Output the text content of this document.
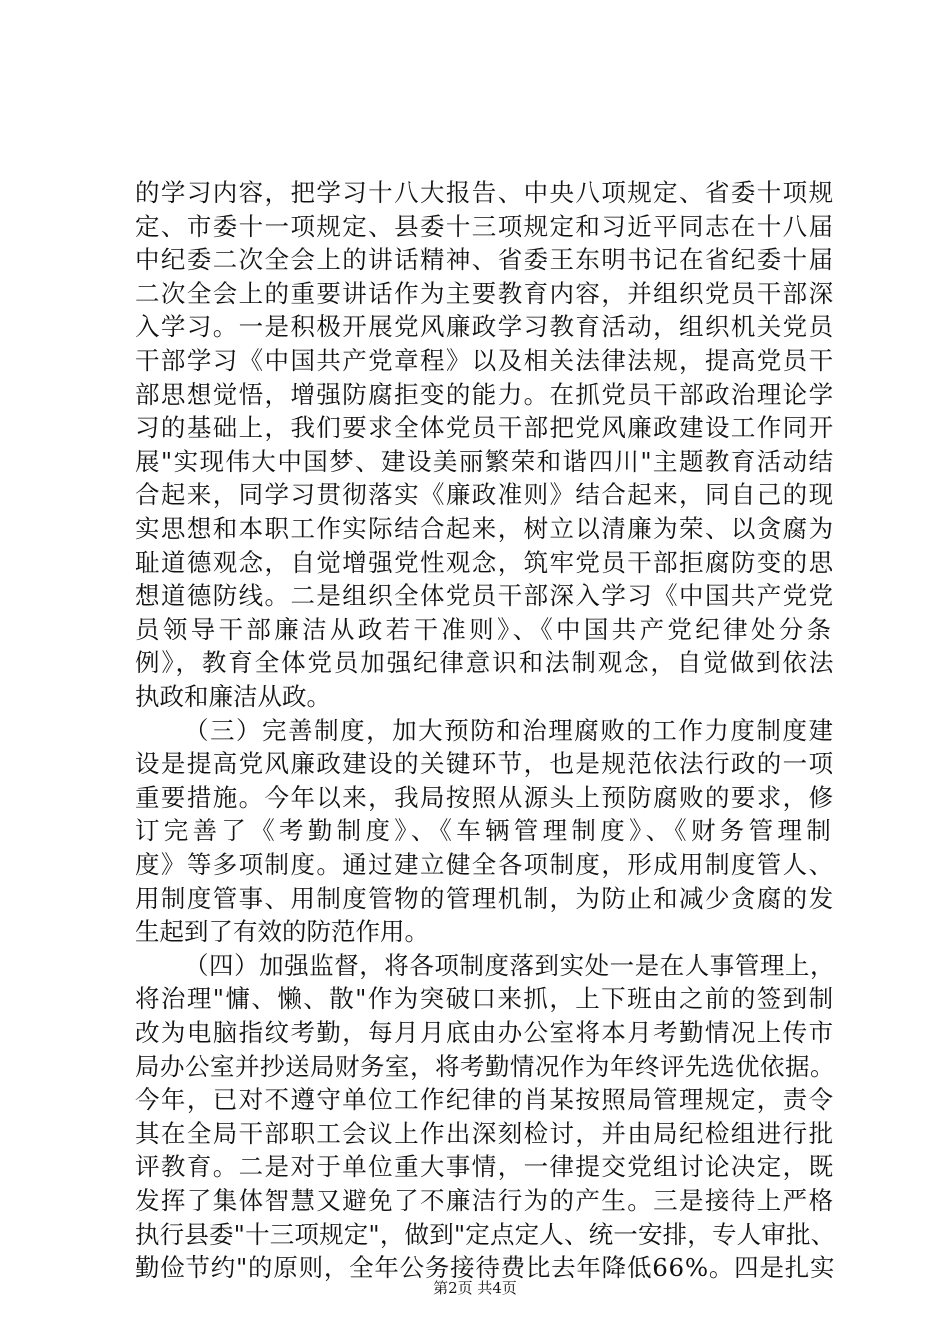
的学习内容，把学习十八大报告、中央八项规定、省委十项规
定、市委十一项规定、县委十三项规定和习近平同志在十八届
中纪委二次全会上的讲话精神、省委王东明书记在省纪委十届
二次全会上的重要讲话作为主要教育内容，并组织党员干部深
入学习。一是积极开展党风廉政学习教育活动，组织机关党员
干部学习《中国共产党章程》以及相关法律法规，提高党员干
部思想觉悟，增强防腐拒变的能力。在抓党员干部政治理论学
习的基础上，我们要求全体党员干部把党风廉政建设工作同开
展"实现伟大中国梦、建设美丽繁荣和谐四川"主题教育活动结
合起来，同学习贯彻落实《廉政准则》结合起来，同自己的现
实思想和本职工作实际结合起来，树立以清廉为荣、以贪腐为
耻道德观念，自觉增强党性观念，筑牢党员干部拒腐防变的思
想道德防线。二是组织全体党员干部深入学习《中国共产党党
员领导干部廉洁从政若干准则》、《中国共产党纪律处分条
例》，教育全体党员加强纪律意识和法制观念，自觉做到依法
执政和廉洁从政。
（三）完善制度，加大预防和治理腐败的工作力度制度建
设是提高党风廉政建设的关键环节，也是规范依法行政的一项
重要措施。今年以来，我局按照从源头上预防腐败的要求，修
订完善了《考勤制度》、《车辆管理制度》、《财务管理制
度》等多项制度。通过建立健全各项制度，形成用制度管人、
用制度管事、用制度管物的管理机制，为防止和减少贪腐的发
生起到了有效的防范作用。
（四）加强监督，将各项制度落到实处一是在人事管理上，
将治理"慵、懒、散"作为突破口来抓，上下班由之前的签到制
改为电脑指纹考勤，每月月底由办公室将本月考勤情况上传市
局办公室并抄送局财务室，将考勤情况作为年终评先选优依据。
今年，已对不遵守单位工作纪律的肖某按照局管理规定，责令
其在全局干部职工会议上作出深刻检讨，并由局纪检组进行批
评教育。二是对于单位重大事情，一律提交党组讨论决定，既
发挥了集体智慧又避免了不廉洁行为的产生。三是接待上严格
执行县委"十三项规定"，做到"定点定人、统一安排，专人审批、
勤俭节约"的原则，全年公务接待费比去年降低66%。四是扎实
第2页 共4页
